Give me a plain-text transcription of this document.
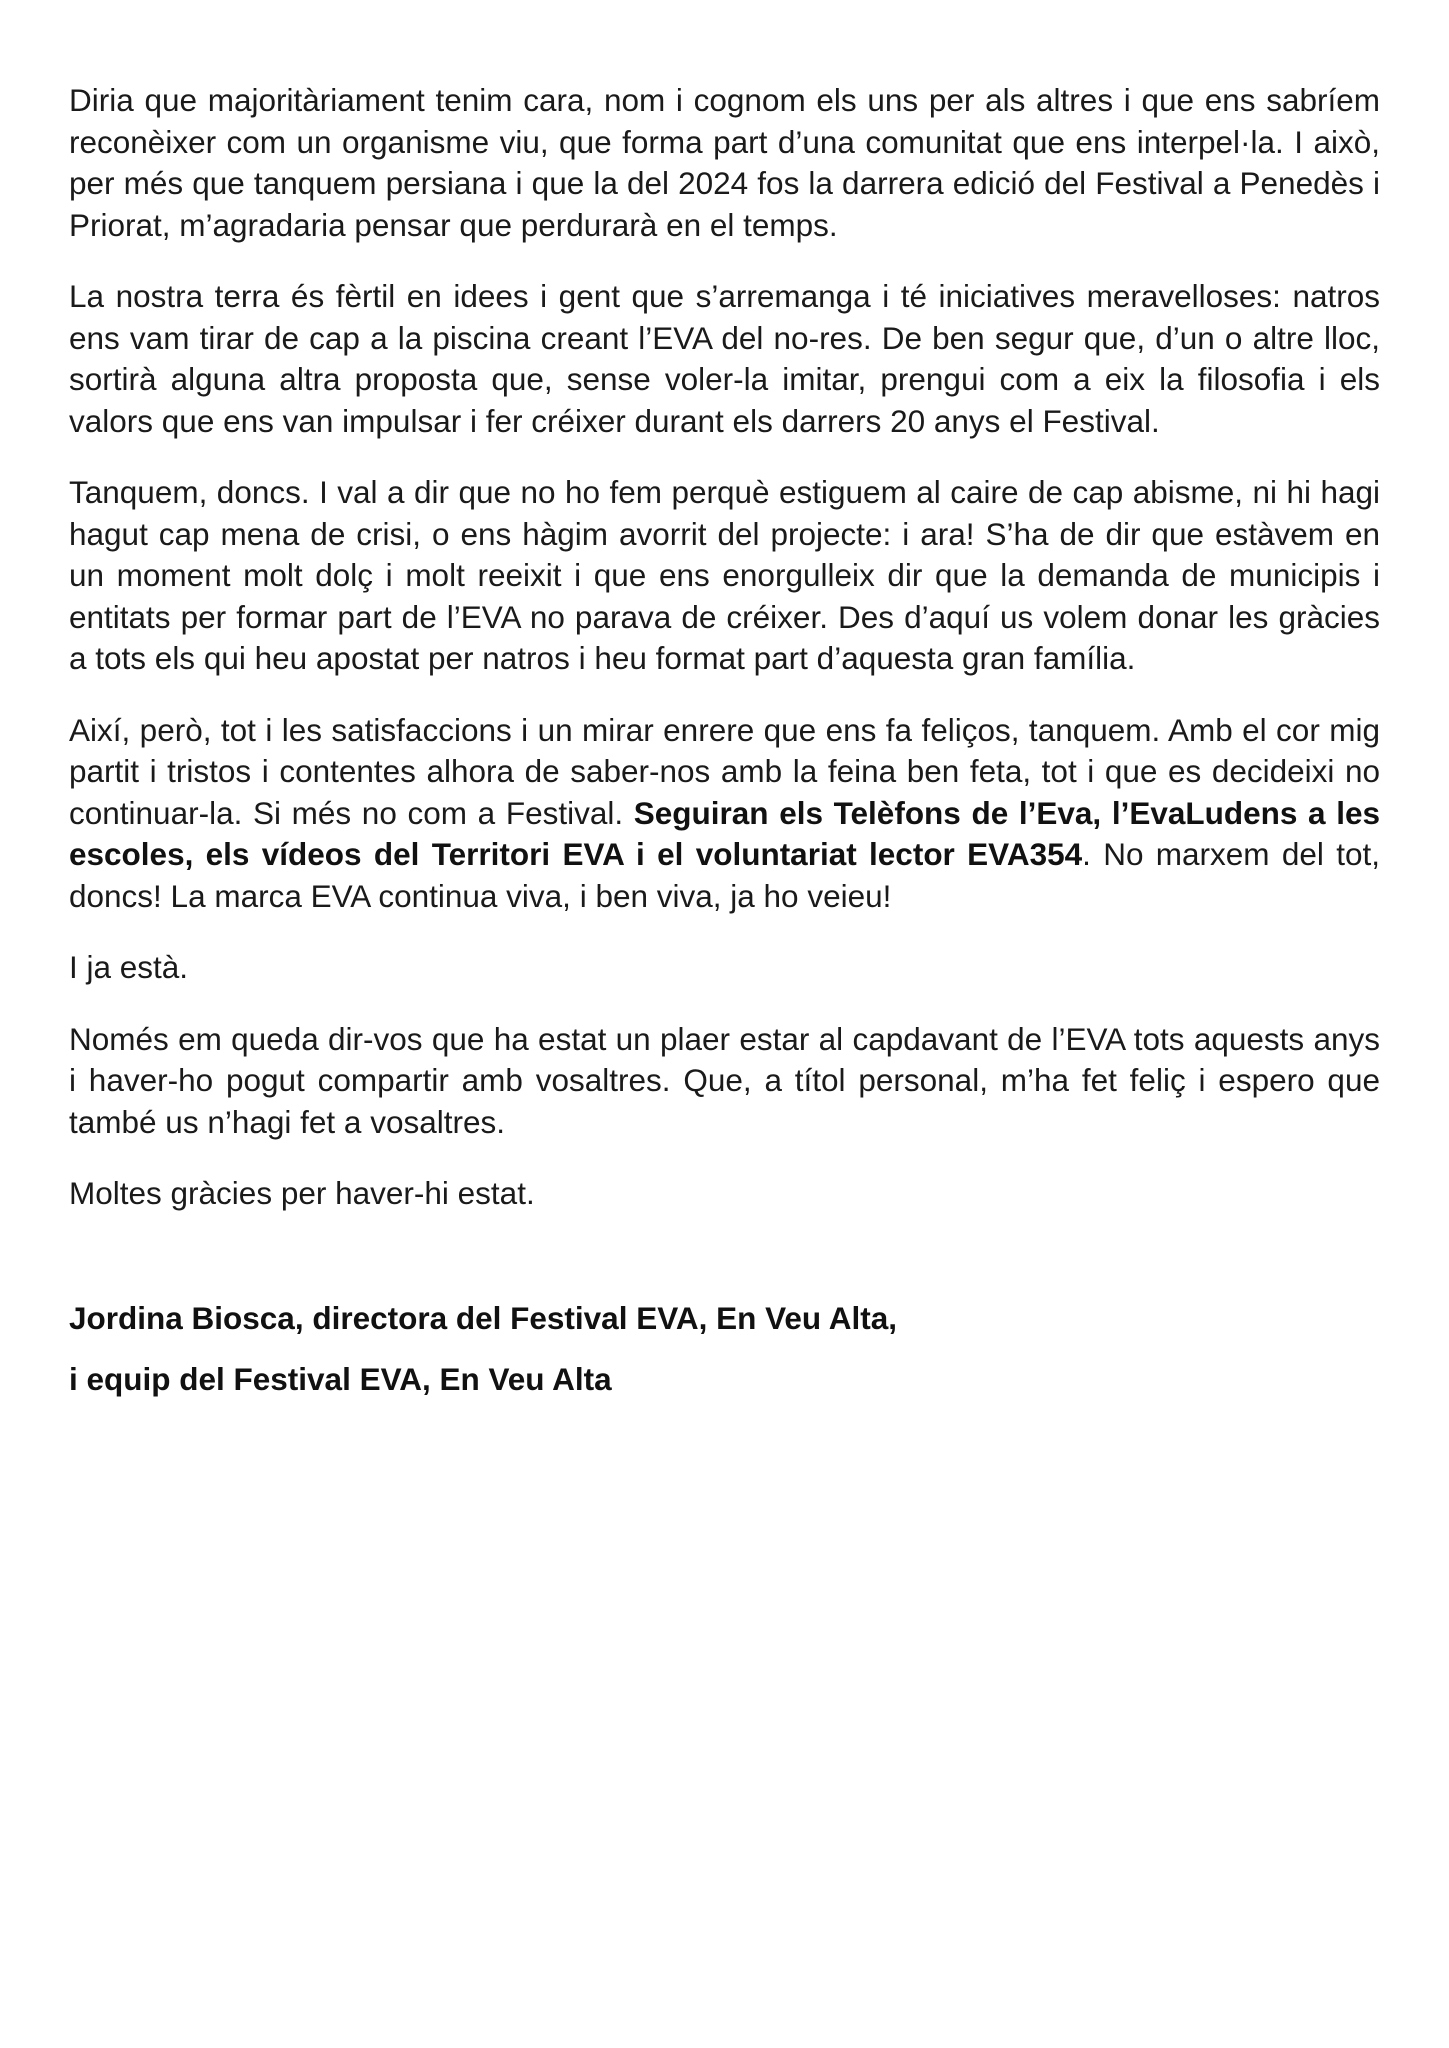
Diria que majoritàriament tenim cara, nom i cognom els uns per als altres i que ens sabríem reconèixer com un organisme viu, que forma part d’una comunitat que ens interpel·la. I això, per més que tanquem persiana i que la del 2024 fos la darrera edició del Festival a Penedès i Priorat, m’agradaria pensar que perdurarà en el temps.

La nostra terra és fèrtil en idees i gent que s’arremanga i té iniciatives meravelloses: natros ens vam tirar de cap a la piscina creant l’EVA del no-res. De ben segur que, d’un o altre lloc, sortirà alguna altra proposta que, sense voler-la imitar, prengui com a eix la filosofia i els valors que ens van impulsar i fer créixer durant els darrers 20 anys el Festival.

Tanquem, doncs. I val a dir que no ho fem perquè estiguem al caire de cap abisme, ni hi hagi hagut cap mena de crisi, o ens hàgim avorrit del projecte: i ara! S’ha de dir que estàvem en un moment molt dolç i molt reeixit i que ens enorgulleix dir que la demanda de municipis i entitats per formar part de l’EVA no parava de créixer. Des d’aquí us volem donar les gràcies a tots els qui heu apostat per natros i heu format part d’aquesta gran família.

Així, però, tot i les satisfaccions i un mirar enrere que ens fa feliços, tanquem. Amb el cor mig partit i tristos i contentes alhora de saber-nos amb la feina ben feta, tot i que es decideixi no continuar-la. Si més no com a Festival. Seguiran els Telèfons de l’Eva, l’EvaLudens a les escoles, els vídeos del Territori EVA i el voluntariat lector EVA354. No marxem del tot, doncs! La marca EVA continua viva, i ben viva, ja ho veieu!

I ja està.

Només em queda dir-vos que ha estat un plaer estar al capdavant de l’EVA tots aquests anys i haver-ho pogut compartir amb vosaltres. Que, a títol personal, m’ha fet feliç i espero que també us n’hagi fet a vosaltres.

Moltes gràcies per haver-hi estat.

Jordina Biosca, directora del Festival EVA, En Veu Alta,

i equip del Festival EVA, En Veu Alta
